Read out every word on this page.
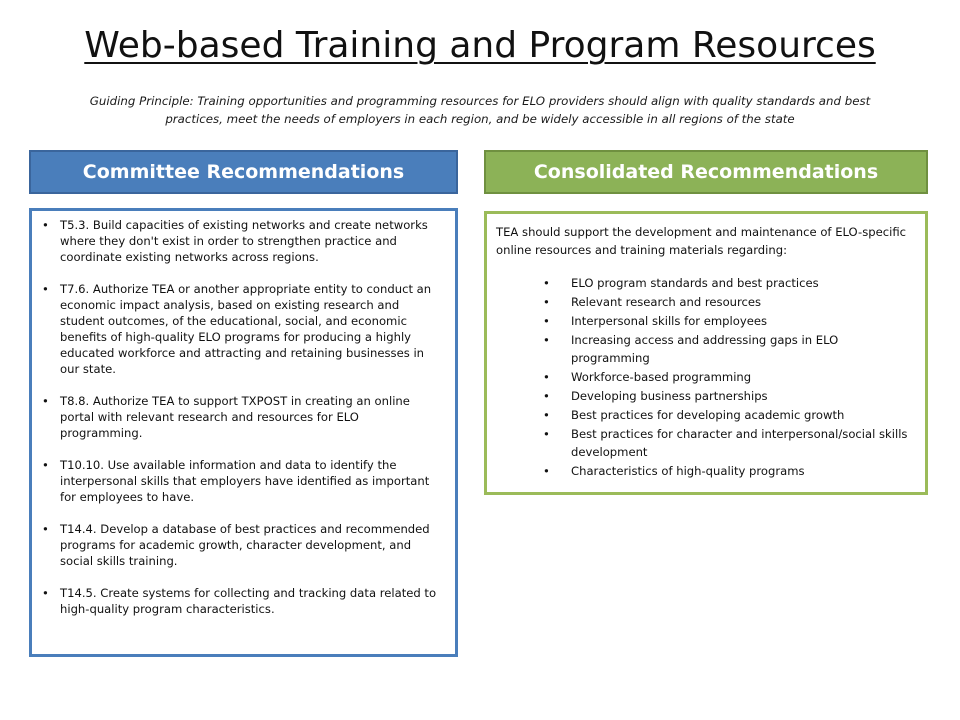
Web-based Training and Program Resources
Guiding Principle: Training opportunities and programming resources for ELO providers should align with quality standards and best practices, meet the needs of employers in each region, and be widely accessible in all regions of the state
Committee Recommendations	Consolidated Recommendations
• T5.3. Build capacities of existing networks and create networks where they don't exist in order to strengthen practice and coordinate existing networks across regions.
• T7.6. Authorize TEA or another appropriate entity to conduct an economic impact analysis, based on existing research and student outcomes, of the educational, social, and economic benefits of high-quality ELO programs for producing a highly educated workforce and attracting and retaining businesses in our state.
• T8.8. Authorize TEA to support TXPOST in creating an online portal with relevant research and resources for ELO programming.
• T10.10. Use available information and data to identify the interpersonal skills that employers have identified as important for employees to have.
• T14.4. Develop a database of best practices and recommended programs for academic growth, character development, and social skills training.
• T14.5. Create systems for collecting and tracking data related to high-quality program characteristics.
TEA should support the development and maintenance of ELO-specific online resources and training materials regarding:
• ELO program standards and best practices
• Relevant research and resources
• Interpersonal skills for employees
• Increasing access and addressing gaps in ELO programming
• Workforce-based programming
• Developing business partnerships
• Best practices for developing academic growth
• Best practices for character and interpersonal/social skills development
• Characteristics of high-quality programs
